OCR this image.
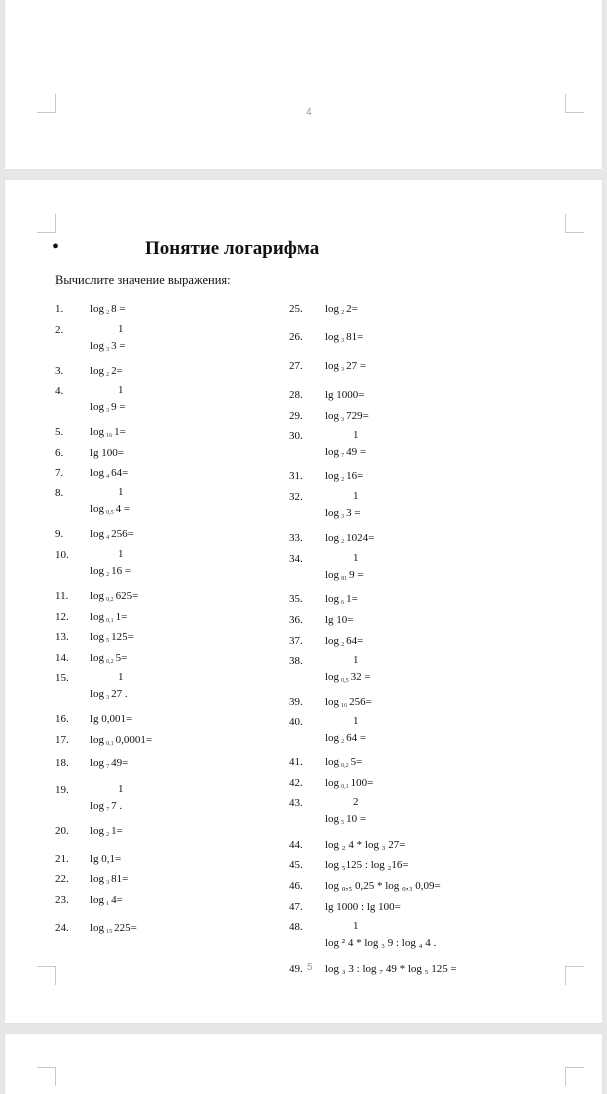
4
•	Понятие логарифма
Вычислите значение выражения:
1. log $_2$ 8 =
2.	1
log $_3$ 3 =
3. log $_2$ 2=
4.	1
log $_3$ 9 =
5. log $_{16}$ 1=
6. lg 100=
7. log $_4$ 64=
8.	1
log $_{0,5}$ 4 =
9. log $_4$ 256=
10.	1
log $_2$ 16 =
11. log $_{0,2}$ 625=
12. log $_{0,1}$ 1=
13. log $_5$ 125=
14. log $_{0,2}$ 5=
15.	1
log $_3$ 27 .
16. lg 0,001=
17. log $_{0,1}$ 0,0001=
18. log $_7$ 49=
19.	1
log $_7$ 7 .
20. log $_2$ 1=
21. lg 0,1=
22. log $_3$ 81=
23. log $_1$ 4=
24. log $_{15}$ 225=
25. log $_2$ 2=
26. log $_3$ 81=
27. log $_3$ 27 =
28. lg 1000=
29. log $_3$ 729=
30.	1
log $_7$ 49 =
31. log $_2$ 16=
32.	1
log $_3$ 3 =
33. log $_2$ 1024=
34.	1
log $_{81}$ 9 =
35. log $_6$ 1=
36. lg 10=
37. log $_2$ 64=
38.	1
log $_{0,5}$ 32 =
39. log $_{16}$ 256=
40.	1
log $_2$ 64 =
41. log $_{0,2}$ 5=
42. log $_{0,1}$ 100=
43.	2
log $_5$ 10 =
44. log ₂ 4 * log ₃ 27=
45. log ₅125 : log ₂16=
46. log ₀,₅ 0,25 * log ₀,₃ 0,09=
47. lg 1000 : lg 100=
48.	1
log ² 4 * log ₃ 9 : log ₄ 4 .
49. log ₃ 3 : log ₇ 49 * log ₅ 125 =
5
